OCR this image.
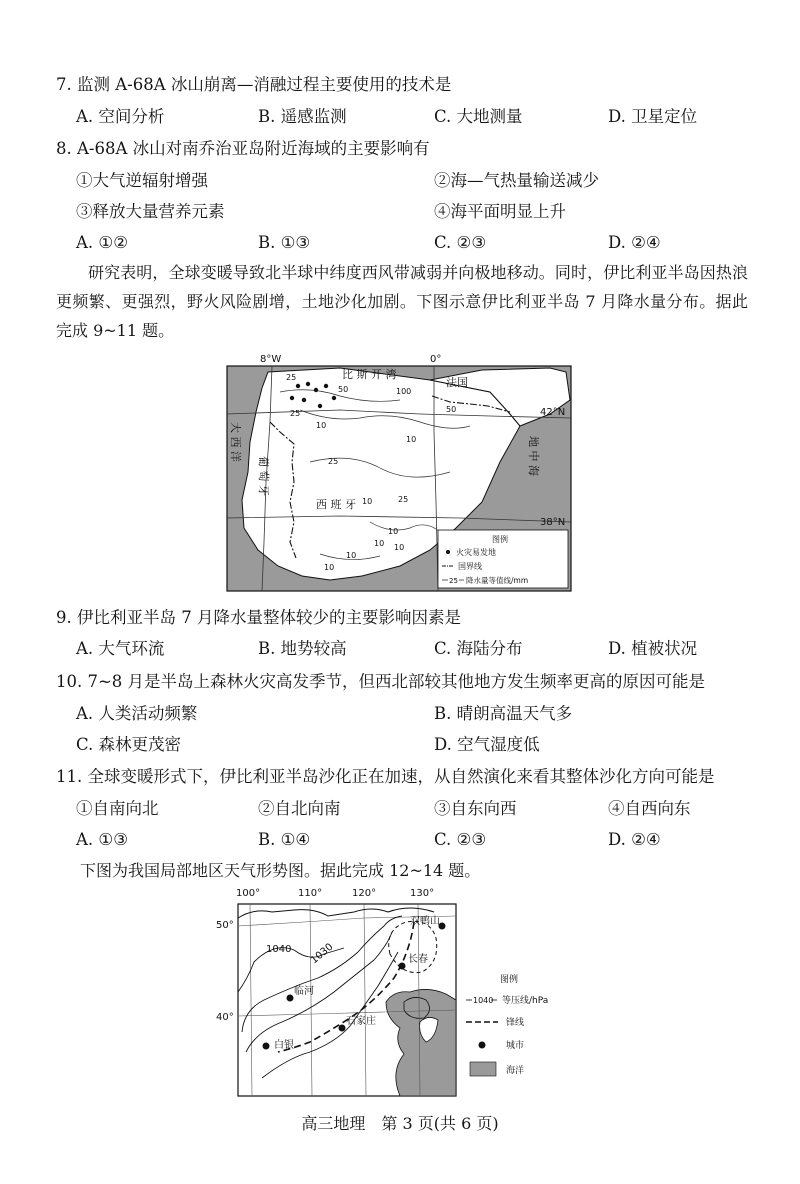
7. 监测 A-68A 冰山崩离—消融过程主要使用的技术是
A. 空间分析	B. 遥感监测	C. 大地测量	D. 卫星定位
8. A-68A 冰山对南乔治亚岛附近海域的主要影响有
①大气逆辐射增强	②海—气热量输送减少
③释放大量营养元素	④海平面明显上升
A. ①②	B. ①③	C. ②③	D. ②④
研究表明，全球变暖导致北半球中纬度西风带减弱并向极地移动。同时，伊比利亚半岛因热浪更频繁、更强烈，野火风险剧增，土地沙化加剧。下图示意伊比利亚半岛 7 月降水量分布。据此完成 9~11 题。
25
50
25
10
100
50
10
25
10	25
10
10 10
10
10
8°W	0°
42°N
38°N
比 斯 开 湾
法国
地 中 海
大 西 洋
葡 萄 牙
西 班 牙
图例
火灾易发地
国界线
25 降水量等值线/mm
9. 伊比利亚半岛 7 月降水量整体较少的主要影响因素是
A. 大气环流	B. 地势较高	C. 海陆分布	D. 植被状况
10. 7~8 月是半岛上森林火灾高发季节，但西北部较其他地方发生频率更高的原因可能是
A. 人类活动频繁	B. 晴朗高温天气多
C. 森林更茂密	D. 空气湿度低
11. 全球变暖形式下，伊比利亚半岛沙化正在加速，从自然演化来看其整体沙化方向可能是
①自南向北	②自北向南	③自东向西	④自西向东
A. ①③	B. ①④	C. ②③	D. ②④
下图为我国局部地区天气形势图。据此完成 12~14 题。
双鸭山
长春
临河
石家庄
白银
1040 1030
100°	110°	120°	130°
50°
40°
图例
1040 等压线/hPa
锋线
城市
海洋
高三地理　第 3 页(共 6 页)
